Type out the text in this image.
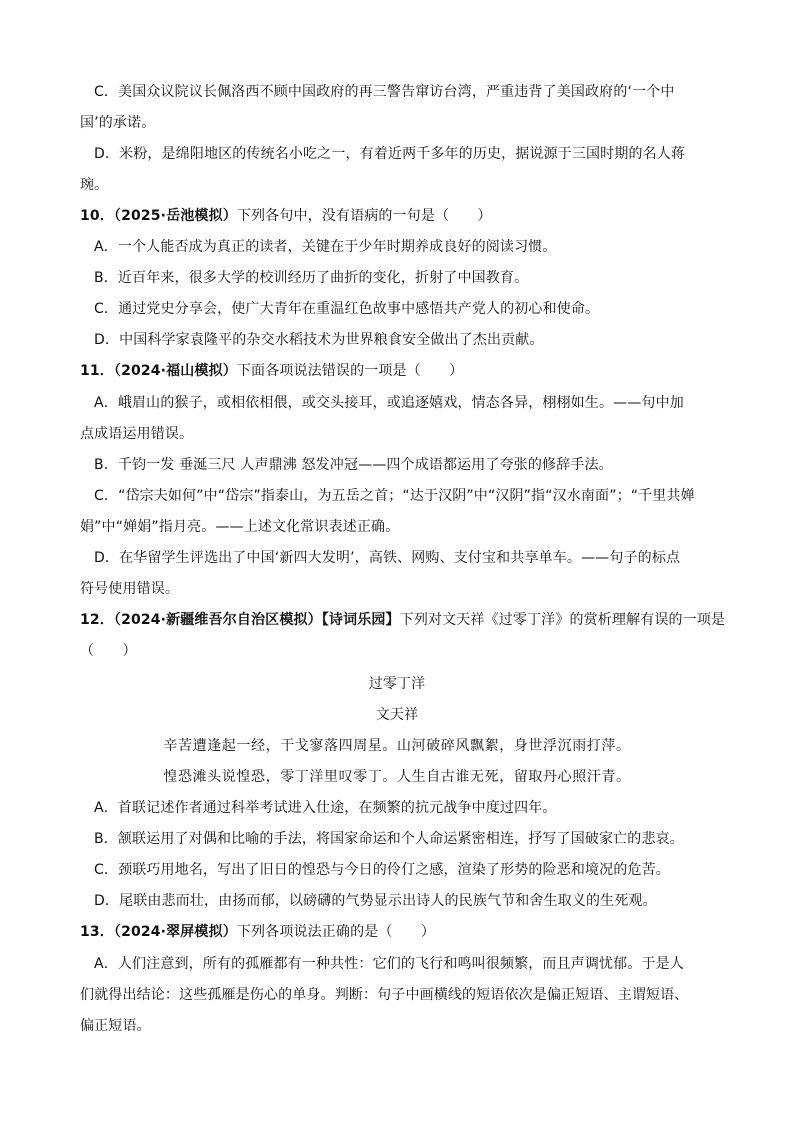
C．美国众议院议长佩洛西不顾中国政府的再三警告窜访台湾，严重违背了美国政府的‘一个中
国’的承诺。
D．米粉，是绵阳地区的传统名小吃之一，有着近两千多年的历史，据说源于三国时期的名人蒋
琬。
10．（2025·岳池模拟）下列各句中，没有语病的一句是（　　）
A．一个人能否成为真正的读者，关键在于少年时期养成良好的阅读习惯。
B．近百年来，很多大学的校训经历了曲折的变化，折射了中国教育。
C．通过党史分享会，使广大青年在重温红色故事中感悟共产党人的初心和使命。
D．中国科学家袁隆平的杂交水稻技术为世界粮食安全做出了杰出贡献。
11．（2024·福山模拟）下面各项说法错误的一项是（　　）
A．峨眉山的猴子，或相依相偎，或交头接耳，或追逐嬉戏，情态各异，栩栩如生。——句中加
点成语运用错误。
B．千钧一发 垂涎三尺 人声鼎沸 怒发冲冠——四个成语都运用了夸张的修辞手法。
C．“岱宗夫如何”中“岱宗”指泰山，为五岳之首；“达于汉阴”中“汉阴”指“汉水南面”；“千里共婵
娟”中“婵娟”指月亮。——上述文化常识表述正确。
D．在华留学生评选出了中国‘新四大发明’，高铁、网购、支付宝和共享单车。——句子的标点
符号使用错误。
12．（2024·新疆维吾尔自治区模拟）【诗词乐园】下列对文天祥《过零丁洋》的赏析理解有误的一项是
（　　）
过零丁洋
文天祥
辛苦遭逢起一经，干戈寥落四周星。山河破碎风飘絮，身世浮沉雨打萍。
惶恐滩头说惶恐，零丁洋里叹零丁。人生自古谁无死，留取丹心照汗青。
A．首联记述作者通过科举考试进入仕途，在频繁的抗元战争中度过四年。
B．颔联运用了对偶和比喻的手法，将国家命运和个人命运紧密相连，抒写了国破家亡的悲哀。
C．颈联巧用地名，写出了旧日的惶恐与今日的伶仃之感，渲染了形势的险恶和境况的危苦。
D．尾联由悲而壮，由扬而郁，以磅礴的气势显示出诗人的民族气节和舍生取义的生死观。
13．（2024·翠屏模拟）下列各项说法正确的是（　　）
A．人们注意到，所有的孤雁都有一种共性：它们的飞行和鸣叫很频繁，而且声调忧郁。于是人
们就得出结论：这些孤雁是伤心的单身。判断：句子中画横线的短语依次是偏正短语、主谓短语、
偏正短语。
